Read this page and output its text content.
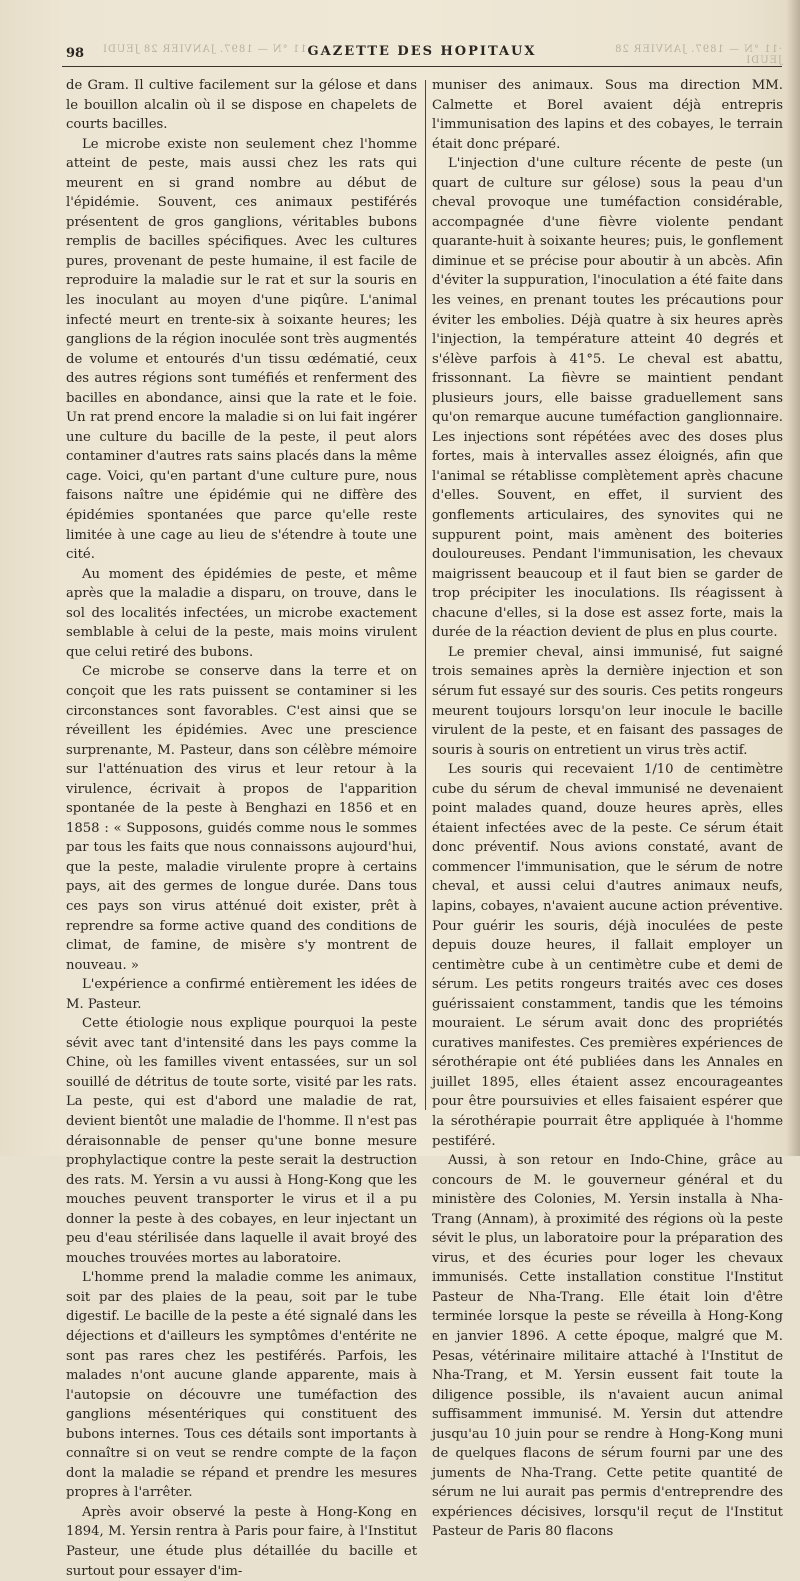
·11 °N — 1897. JANVIER 28 JEUDI	·11 °N — 1897. JANVIER 28 JEUDI
98	GAZETTE DES HOPITAUX

de Gram. Il cultive facilement sur la gélose et dans le bouillon alcalin où il se dispose en chapelets de courts bacilles.

Le microbe existe non seulement chez l'homme atteint de peste, mais aussi chez les rats qui meurent en si grand nombre au début de l'épidémie. Souvent, ces animaux pestiférés présentent de gros ganglions, véritables bubons remplis de bacilles spécifiques. Avec les cultures pures, provenant de peste humaine, il est facile de reproduire la maladie sur le rat et sur la souris en les inoculant au moyen d'une piqûre. L'animal infecté meurt en trente-six à soixante heures; les ganglions de la région inoculée sont très augmentés de volume et entourés d'un tissu œdématié, ceux des autres régions sont tuméfiés et renferment des bacilles en abondance, ainsi que la rate et le foie. Un rat prend encore la maladie si on lui fait ingérer une culture du bacille de la peste, il peut alors contaminer d'autres rats sains placés dans la même cage. Voici, qu'en partant d'une culture pure, nous faisons naître une épidémie qui ne diffère des épidémies spontanées que parce qu'elle reste limitée à une cage au lieu de s'étendre à toute une cité.

Au moment des épidémies de peste, et même après que la maladie a disparu, on trouve, dans le sol des localités infectées, un microbe exactement semblable à celui de la peste, mais moins virulent que celui retiré des bubons.

Ce microbe se conserve dans la terre et on conçoit que les rats puissent se contaminer si les circonstances sont favorables. C'est ainsi que se réveillent les épidémies. Avec une prescience surprenante, M. Pasteur, dans son célèbre mémoire sur l'atténuation des virus et leur retour à la virulence, écrivait à propos de l'apparition spontanée de la peste à Benghazi en 1856 et en 1858 : « Supposons, guidés comme nous le sommes par tous les faits que nous connaissons aujourd'hui, que la peste, maladie virulente propre à certains pays, ait des germes de longue durée. Dans tous ces pays son virus atténué doit exister, prêt à reprendre sa forme active quand des conditions de climat, de famine, de misère s'y montrent de nouveau. »

L'expérience a confirmé entièrement les idées de M. Pasteur.

Cette étiologie nous explique pourquoi la peste sévit avec tant d'intensité dans les pays comme la Chine, où les familles vivent entassées, sur un sol souillé de détritus de toute sorte, visité par les rats. La peste, qui est d'abord une maladie de rat, devient bientôt une maladie de l'homme. Il n'est pas déraisonnable de penser qu'une bonne mesure prophylactique contre la peste serait la destruction des rats. M. Yersin a vu aussi à Hong-Kong que les mouches peuvent transporter le virus et il a pu donner la peste à des cobayes, en leur injectant un peu d'eau stérilisée dans laquelle il avait broyé des mouches trouvées mortes au laboratoire.

L'homme prend la maladie comme les animaux, soit par des plaies de la peau, soit par le tube digestif. Le bacille de la peste a été signalé dans les déjections et d'ailleurs les symptômes d'entérite ne sont pas rares chez les pestiférés. Parfois, les malades n'ont aucune glande apparente, mais à l'autopsie on découvre une tuméfaction des ganglions mésentériques qui constituent des bubons internes. Tous ces détails sont importants à connaître si on veut se rendre compte de la façon dont la maladie se répand et prendre les mesures propres à l'arrêter.

Après avoir observé la peste à Hong-Kong en 1894, M. Yersin rentra à Paris pour faire, à l'Institut Pasteur, une étude plus détaillée du bacille et surtout pour essayer d'im-

muniser des animaux. Sous ma direction MM. Calmette et Borel avaient déjà entrepris l'immunisation des lapins et des cobayes, le terrain était donc préparé.

L'injection d'une culture récente de peste (un quart de culture sur gélose) sous la peau d'un cheval provoque une tuméfaction considérable, accompagnée d'une fièvre violente pendant quarante-huit à soixante heures; puis, le gonflement diminue et se précise pour aboutir à un abcès. Afin d'éviter la suppuration, l'inoculation a été faite dans les veines, en prenant toutes les précautions pour éviter les embolies. Déjà quatre à six heures après l'injection, la température atteint 40 degrés et s'élève parfois à 41°5. Le cheval est abattu, frissonnant. La fièvre se maintient pendant plusieurs jours, elle baisse graduellement sans qu'on remarque aucune tuméfaction ganglionnaire. Les injections sont répétées avec des doses plus fortes, mais à intervalles assez éloignés, afin que l'animal se rétablisse complètement après chacune d'elles. Souvent, en effet, il survient des gonflements articulaires, des synovites qui ne suppurent point, mais amènent des boiteries douloureuses. Pendant l'immunisation, les chevaux maigrissent beaucoup et il faut bien se garder de trop précipiter les inoculations. Ils réagissent à chacune d'elles, si la dose est assez forte, mais la durée de la réaction devient de plus en plus courte.

Le premier cheval, ainsi immunisé, fut saigné trois semaines après la dernière injection et son sérum fut essayé sur des souris. Ces petits rongeurs meurent toujours lorsqu'on leur inocule le bacille virulent de la peste, et en faisant des passages de souris à souris on entretient un virus très actif.

Les souris qui recevaient 1/10 de centimètre cube du sérum de cheval immunisé ne devenaient point malades quand, douze heures après, elles étaient infectées avec de la peste. Ce sérum était donc préventif. Nous avions constaté, avant de commencer l'immunisation, que le sérum de notre cheval, et aussi celui d'autres animaux neufs, lapins, cobayes, n'avaient aucune action préventive. Pour guérir les souris, déjà inoculées de peste depuis douze heures, il fallait employer un centimètre cube à un centimètre cube et demi de sérum. Les petits rongeurs traités avec ces doses guérissaient constamment, tandis que les témoins mouraient. Le sérum avait donc des propriétés curatives manifestes. Ces premières expériences de sérothérapie ont été publiées dans les Annales en juillet 1895, elles étaient assez encourageantes pour être poursuivies et elles faisaient espérer que la sérothérapie pourrait être appliquée à l'homme pestiféré.

Aussi, à son retour en Indo-Chine, grâce au concours de M. le gouverneur général et du ministère des Colonies, M. Yersin installa à Nha-Trang (Annam), à proximité des régions où la peste sévit le plus, un laboratoire pour la préparation des virus, et des écuries pour loger les chevaux immunisés. Cette installation constitue l'Institut Pasteur de Nha-Trang. Elle était loin d'être terminée lorsque la peste se réveilla à Hong-Kong en janvier 1896. A cette époque, malgré que M. Pesas, vétérinaire militaire attaché à l'Institut de Nha-Trang, et M. Yersin eussent fait toute la diligence possible, ils n'avaient aucun animal suffisamment immunisé. M. Yersin dut attendre jusqu'au 10 juin pour se rendre à Hong-Kong muni de quelques flacons de sérum fourni par une des juments de Nha-Trang. Cette petite quantité de sérum ne lui aurait pas permis d'entreprendre des expériences décisives, lorsqu'il reçut de l'Institut Pasteur de Paris 80 flacons
